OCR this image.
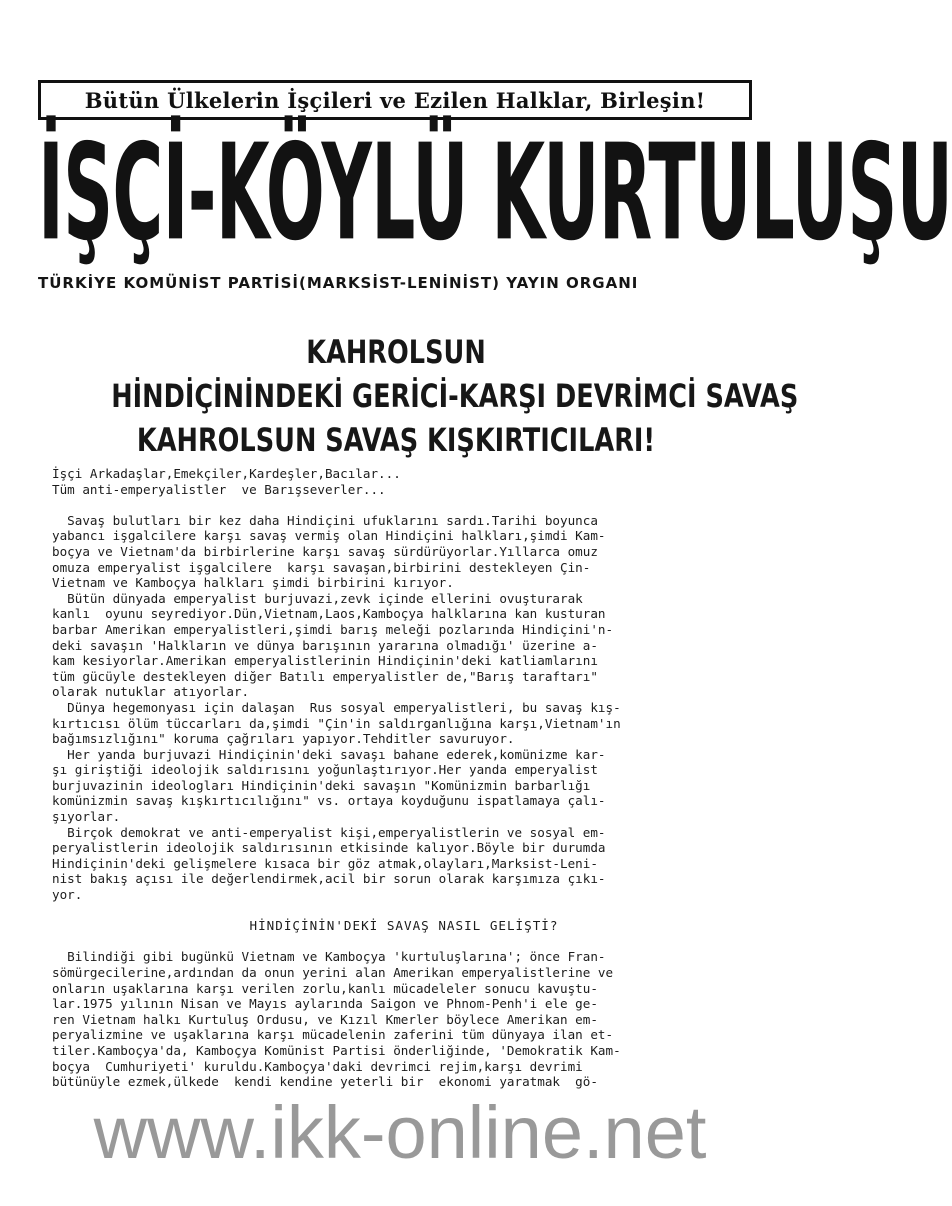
Bütün Ülkelerin İşçileri ve Ezilen Halklar, Birleşin!
İŞÇİ-KÖYLÜ KURTULUŞU
TÜRKİYE KOMÜNİST PARTİSİ(MARKSİST-LENİNİST) YAYIN ORGANI
KAHROLSUN
HİNDİÇİNİNDEKİ GERİCİ-KARŞI DEVRİMCİ SAVAŞ
KAHROLSUN SAVAŞ KIŞKIRTICILARI!
İşçi Arkadaşlar,Emekçiler,Kardeşler,Bacılar...
Tüm anti-emperyalistler  ve Barışseverler...
Savaş bulutları bir kez daha Hindiçini ufuklarını sardı.Tarihi boyunca
yabancı işgalcilere karşı savaş vermiş olan Hindiçini halkları,şimdi Kam-
boçya ve Vietnam'da birbirlerine karşı savaş sürdürüyorlar.Yıllarca omuz
omuza emperyalist işgalcilere  karşı savaşan,birbirini destekleyen Çin-
Vietnam ve Kamboçya halkları şimdi birbirini kırıyor.
Bütün dünyada emperyalist burjuvazi,zevk içinde ellerini ovuşturarak
kanlı  oyunu seyrediyor.Dün,Vietnam,Laos,Kamboçya halklarına kan kusturan
barbar Amerikan emperyalistleri,şimdi barış meleği pozlarında Hindiçini'n-
deki savaşın 'Halkların ve dünya barışının yararına olmadığı' üzerine a-
kam kesiyorlar.Amerikan emperyalistlerinin Hindiçinin'deki katliamlarını
tüm gücüyle destekleyen diğer Batılı emperyalistler de,"Barış taraftarı"
olarak nutuklar atıyorlar.
Dünya hegemonyası için dalaşan  Rus sosyal emperyalistleri, bu savaş kış-
kırtıcısı ölüm tüccarları da,şimdi "Çin'in saldırganlığına karşı,Vietnam'ın
bağımsızlığını" koruma çağrıları yapıyor.Tehditler savuruyor.
Her yanda burjuvazi Hindiçinin'deki savaşı bahane ederek,komünizme kar-
şı giriştiği ideolojik saldırısını yoğunlaştırıyor.Her yanda emperyalist
burjuvazinin ideologları Hindiçinin'deki savaşın "Komünizmin barbarlığı
komünizmin savaş kışkırtıcılığını" vs. ortaya koyduğunu ispatlamaya çalı-
şıyorlar.
Birçok demokrat ve anti-emperyalist kişi,emperyalistlerin ve sosyal em-
peryalistlerin ideolojik saldırısının etkisinde kalıyor.Böyle bir durumda
Hindiçinin'deki gelişmelere kısaca bir göz atmak,olayları,Marksist-Leni-
nist bakış açısı ile değerlendirmek,acil bir sorun olarak karşımıza çıkı-
yor.
HİNDİÇİNİN'DEKİ SAVAŞ NASIL GELİŞTİ?
Bilindiği gibi bugünkü Vietnam ve Kamboçya 'kurtuluşlarına'; önce Fran-
sömürgecilerine,ardından da onun yerini alan Amerikan emperyalistlerine ve
onların uşaklarına karşı verilen zorlu,kanlı mücadeleler sonucu kavuştu-
lar.1975 yılının Nisan ve Mayıs aylarında Saigon ve Phnom-Penh'i ele ge-
ren Vietnam halkı Kurtuluş Ordusu, ve Kızıl Kmerler böylece Amerikan em-
peryalizmine ve uşaklarına karşı mücadelenin zaferini tüm dünyaya ilan et-
tiler.Kamboçya'da, Kamboçya Komünist Partisi önderliğinde, 'Demokratik Kam-
boçya  Cumhuriyeti' kuruldu.Kamboçya'daki devrimci rejim,karşı devrimi
bütünüyle ezmek,ülkede  kendi kendine yeterli bir  ekonomi yaratmak  gö-
www.ikk-online.net
